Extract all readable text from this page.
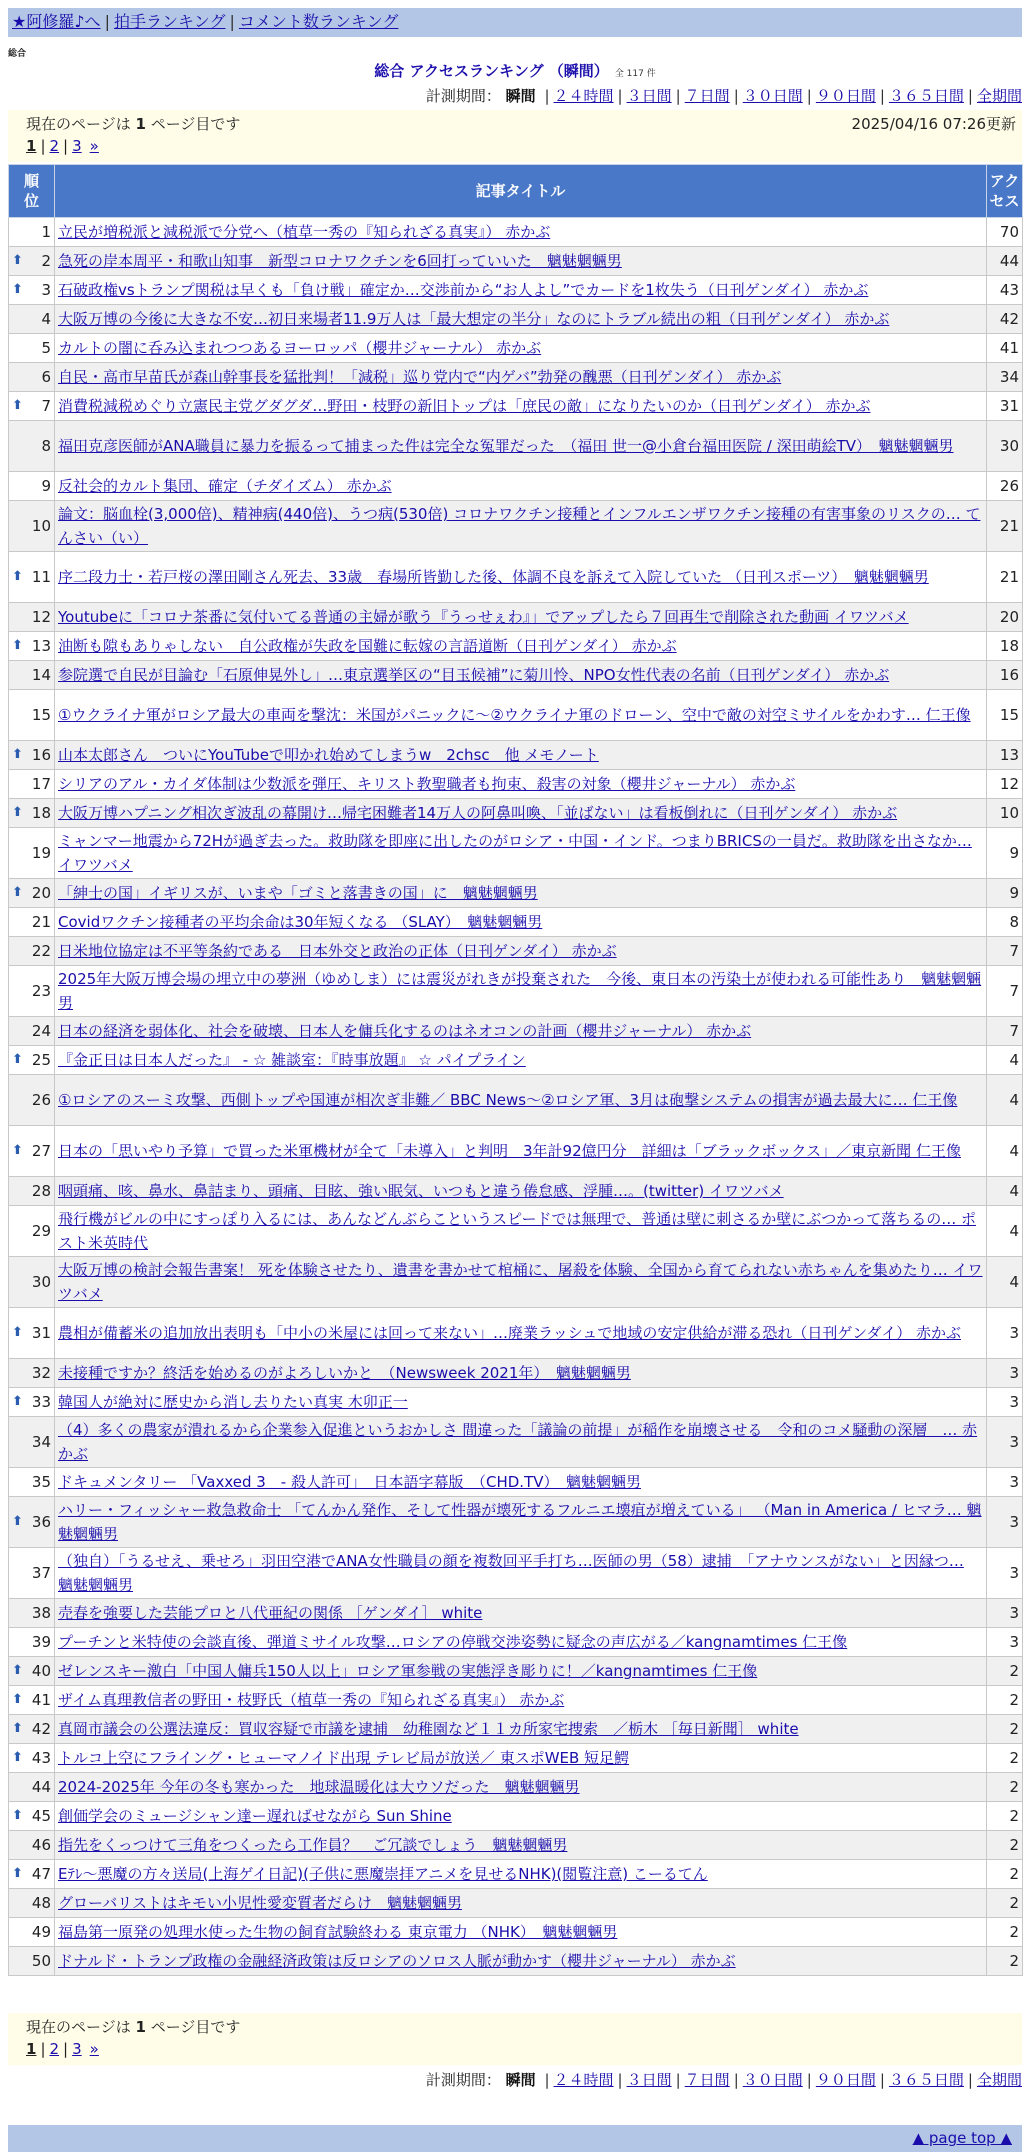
★阿修羅♪へ | 拍手ランキング | コメント数ランキング
総合
総合 アクセスランキング （瞬間） 全 117 件
計測期間： 瞬間 | ２４時間 | ３日間 | ７日間 | ３０日間 | ９０日間 | ３６５日間 | 全期間
現在のページは 1 ページ目です	2025/04/16 07:26更新
1 | 2 | 3 »
順位	記事タイトル	アクセス
1	立民が増税派と減税派で分党へ（植草一秀の『知られざる真実』） 赤かぶ	70

⬆ 2	急死の岸本周平・和歌山知事　新型コロナワクチンを6回打っていいた　魑魅魍魎男	44

⬆ 3	石破政権vsトランプ関税は早くも「負け戦」確定か…交渉前から“お人よし”でカードを1枚失う（日刊ゲンダイ） 赤かぶ	43
4	大阪万博の今後に大きな不安…初日来場者11.9万人は「最大想定の半分」なのにトラブル続出の粗（日刊ゲンダイ） 赤かぶ	42
5	カルトの闇に呑み込まれつつあるヨーロッパ（櫻井ジャーナル） 赤かぶ	41
6	自民・高市早苗氏が森山幹事長を猛批判！「減税」巡り党内で“内ゲバ”勃発の醜悪（日刊ゲンダイ） 赤かぶ	34

⬆ 7	消費税減税めぐり立憲民主党グダグダ…野田・枝野の新旧トップは「庶民の敵」になりたいのか（日刊ゲンダイ） 赤かぶ	31
8	福田克彦医師がANA職員に暴力を振るって捕まった件は完全な冤罪だった　（福田 世一@小倉台福田医院 / 深田萌絵TV）　魑魅魍魎男	30
9	反社会的カルト集団、確定（チダイズム） 赤かぶ	26
10	論文：脳血栓(3,000倍)、精神病(440倍)、うつ病(530倍) コロナワクチン接種とインフルエンザワクチン接種の有害事象のリスクの… てんさい（い）	21

⬆ 11	序二段力士・若戸桜の澤田剛さん死去、33歳　春場所皆勤した後、体調不良を訴えて入院していた （日刊スポーツ）　魑魅魍魎男	21
12	Youtubeに「コロナ茶番に気付いてる普通の主婦が歌う『うっせぇわ』」でアップしたら７回再生で削除された動画 イワツバメ	20

⬆ 13	油断も隙もありゃしない　自公政権が失政を国難に転嫁の言語道断（日刊ゲンダイ） 赤かぶ	18
14	参院選で自民が目論む「石原伸晃外し」…東京選挙区の“目玉候補”に菊川怜、NPO女性代表の名前（日刊ゲンダイ） 赤かぶ	16
15	①ウクライナ軍がロシア最大の車両を撃沈：米国がパニックに～②ウクライナ軍のドローン、空中で敵の対空ミサイルをかわす… 仁王像	15

⬆ 16	山本太郎さん　ついにYouTubeで叩かれ始めてしまうw　2chsc　他 メモノート	13
17	シリアのアル・カイダ体制は少数派を弾圧、キリスト教聖職者も拘束、殺害の対象（櫻井ジャーナル） 赤かぶ	12

⬆ 18	大阪万博ハプニング相次ぎ波乱の幕開け…帰宅困難者14万人の阿鼻叫喚、「並ばない」は看板倒れに（日刊ゲンダイ） 赤かぶ	10
19	ミャンマー地震から72Hが過ぎ去った。救助隊を即座に出したのがロシア・中国・インド。つまりBRICSの一員だ。救助隊を出さなか… イワツバメ	9

⬆ 20	「紳士の国」イギリスが、いまや「ゴミと落書きの国」に　魑魅魍魎男	9
21	Covidワクチン接種者の平均余命は30年短くなる （SLAY）　魑魅魍魎男	8
22	日米地位協定は不平等条約である　日本外交と政治の正体（日刊ゲンダイ） 赤かぶ	7
23	2025年大阪万博会場の埋立中の夢洲（ゆめしま）には震災がれきが投棄された　今後、東日本の汚染土が使われる可能性あり　魑魅魍魎男	7
24	日本の経済を弱体化、社会を破壊、日本人を傭兵化するのはネオコンの計画（櫻井ジャーナル） 赤かぶ	7

⬆ 25	『金正日は日本人だった』 - ☆ 雑談室：『時事放題』 ☆ パイプライン	4
26	①ロシアのスーミ攻撃、西側トップや国連が相次ぎ非難／ BBC News～②ロシア軍、3月は砲撃システムの損害が過去最大に… 仁王像	4

⬆ 27	日本の「思いやり予算」で買った米軍機材が全て「未導入」と判明　3年計92億円分　詳細は「ブラックボックス」／東京新聞 仁王像	4
28	咽頭痛、咳、鼻水、鼻詰まり、頭痛、目眩、強い眠気、いつもと違う倦怠感、浮腫…。(twitter) イワツバメ	4
29	飛行機がビルの中にすっぽり入るには、あんなどんぶらこというスピードでは無理で、普通は壁に刺さるか壁にぶつかって落ちるの… ポスト米英時代	4
30	大阪万博の検討会報告書案！ 死を体験させたり、遺書を書かせて棺桶に、屠殺を体験、全国から育てられない赤ちゃんを集めたり… イワツバメ	4

⬆ 31	農相が備蓄米の追加放出表明も「中小の米屋には回って来ない」…廃業ラッシュで地域の安定供給が滞る恐れ（日刊ゲンダイ） 赤かぶ	3
32	未接種ですか？終活を始めるのがよろしいかと　（Newsweek 2021年）　魑魅魍魎男	3

⬆ 33	韓国人が絶対に歴史から消し去りたい真実 木卯正一	3
34	（4）多くの農家が潰れるから企業参入促進というおかしさ 間違った「議論の前提」が稲作を崩壊させる　令和のコメ騒動の深層　… 赤かぶ	3
35	ドキュメンタリー 「Vaxxed 3　- 殺人許可」　日本語字幕版　（CHD.TV）　魑魅魍魎男	3

⬆ 36	ハリー・フィッシャー救急救命士 「てんかん発作、そして性器が壊死するフルニエ壊疽が増えている」 （Man in America / ヒマラ… 魑魅魍魎男	3
37	（独自）「うるせえ、乗せろ」羽田空港でANA女性職員の顔を複数回平手打ち…医師の男（58）逮捕　「アナウンスがない」と因縁つ… 魑魅魍魎男	3
38	売春を強要した芸能プロと八代亜紀の関係 ［ゲンダイ］ white	3
39	プーチンと米特使の会談直後、弾道ミサイル攻撃…ロシアの停戦交渉姿勢に疑念の声広がる／kangnamtimes 仁王像	3

⬆ 40	ゼレンスキー激白「中国人傭兵150人以上」ロシア軍参戦の実態浮き彫りに！／kangnamtimes 仁王像	2

⬆ 41	ザイム真理教信者の野田・枝野氏（植草一秀の『知られざる真実』） 赤かぶ	2

⬆ 42	真岡市議会の公選法違反：買収容疑で市議を逮捕　幼稚園など１１カ所家宅捜索　／栃木 ［毎日新聞］ white	2

⬆ 43	トルコ上空にフライング・ヒューマノイド出現 テレビ局が放送／ 東スポWEB 短足鰐	2
44	2024-2025年 今年の冬も寒かった　地球温暖化は大ウソだった　魑魅魍魎男	2

⬆ 45	創価学会のミュージシャン達ー遅ればせながら Sun Shine	2
46	指先をくっつけて三角をつくったら工作員？　ご冗談でしょう　魑魅魍魎男	2

⬆ 47	Eﾃﾚ～悪魔の方々送局(上海ゲイ日記)(子供に悪魔崇拝アニメを見せるNHK)(閲覧注意) こーるてん	2
48	グローバリストはキモい小児性愛変質者だらけ　魑魅魍魎男	2
49	福島第一原発の処理水使った生物の飼育試験終わる 東京電力 （NHK）　魑魅魍魎男	2
50	ドナルド・トランプ政権の金融経済政策は反ロシアのソロス人脈が動かす（櫻井ジャーナル） 赤かぶ	2
現在のページは 1 ページ目です
1 | 2 | 3 »
計測期間： 瞬間 | ２４時間 | ３日間 | ７日間 | ３０日間 | ９０日間 | ３６５日間 | 全期間
▲ page top ▲
